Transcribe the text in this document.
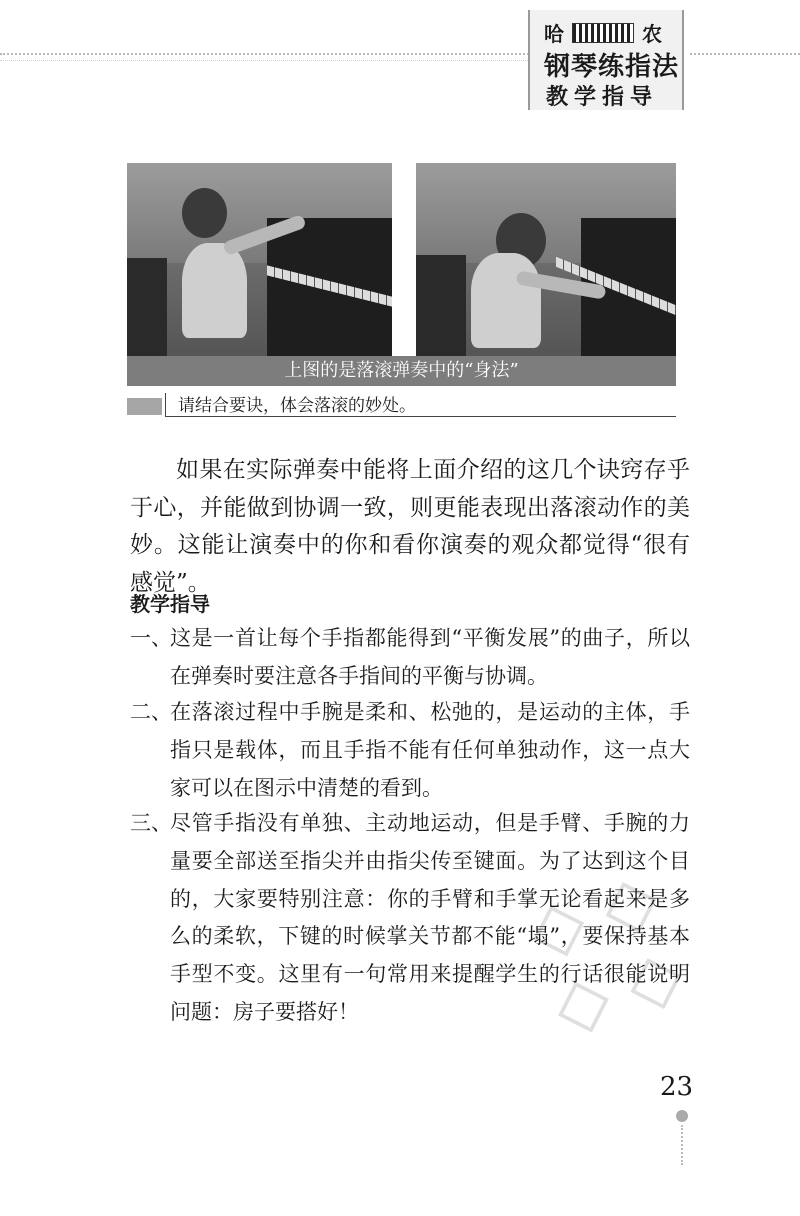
哈	农
钢琴练指法
教学指导
上图的是落滚弹奏中的“身法”
请结合要诀，体会落滚的妙处。
如果在实际弹奏中能将上面介绍的这几个诀窍存乎于心，并能做到协调一致，则更能表现出落滚动作的美妙。这能让演奏中的你和看你演奏的观众都觉得“很有感觉”。
教学指导
一、
这是一首让每个手指都能得到“平衡发展”的曲子，所以在弹奏时要注意各手指间的平衡与协调。
二、
在落滚过程中手腕是柔和、松弛的，是运动的主体，手指只是载体，而且手指不能有任何单独动作，这一点大家可以在图示中清楚的看到。
三、
尽管手指没有单独、主动地运动，但是手臂、手腕的力量要全部送至指尖并由指尖传至键面。为了达到这个目的，大家要特别注意：你的手臂和手掌无论看起来是多么的柔软，下键的时候掌关节都不能“塌”，要保持基本手型不变。这里有一句常用来提醒学生的行话很能说明问题：房子要搭好！
◇ ◇
◇ ◇
23
